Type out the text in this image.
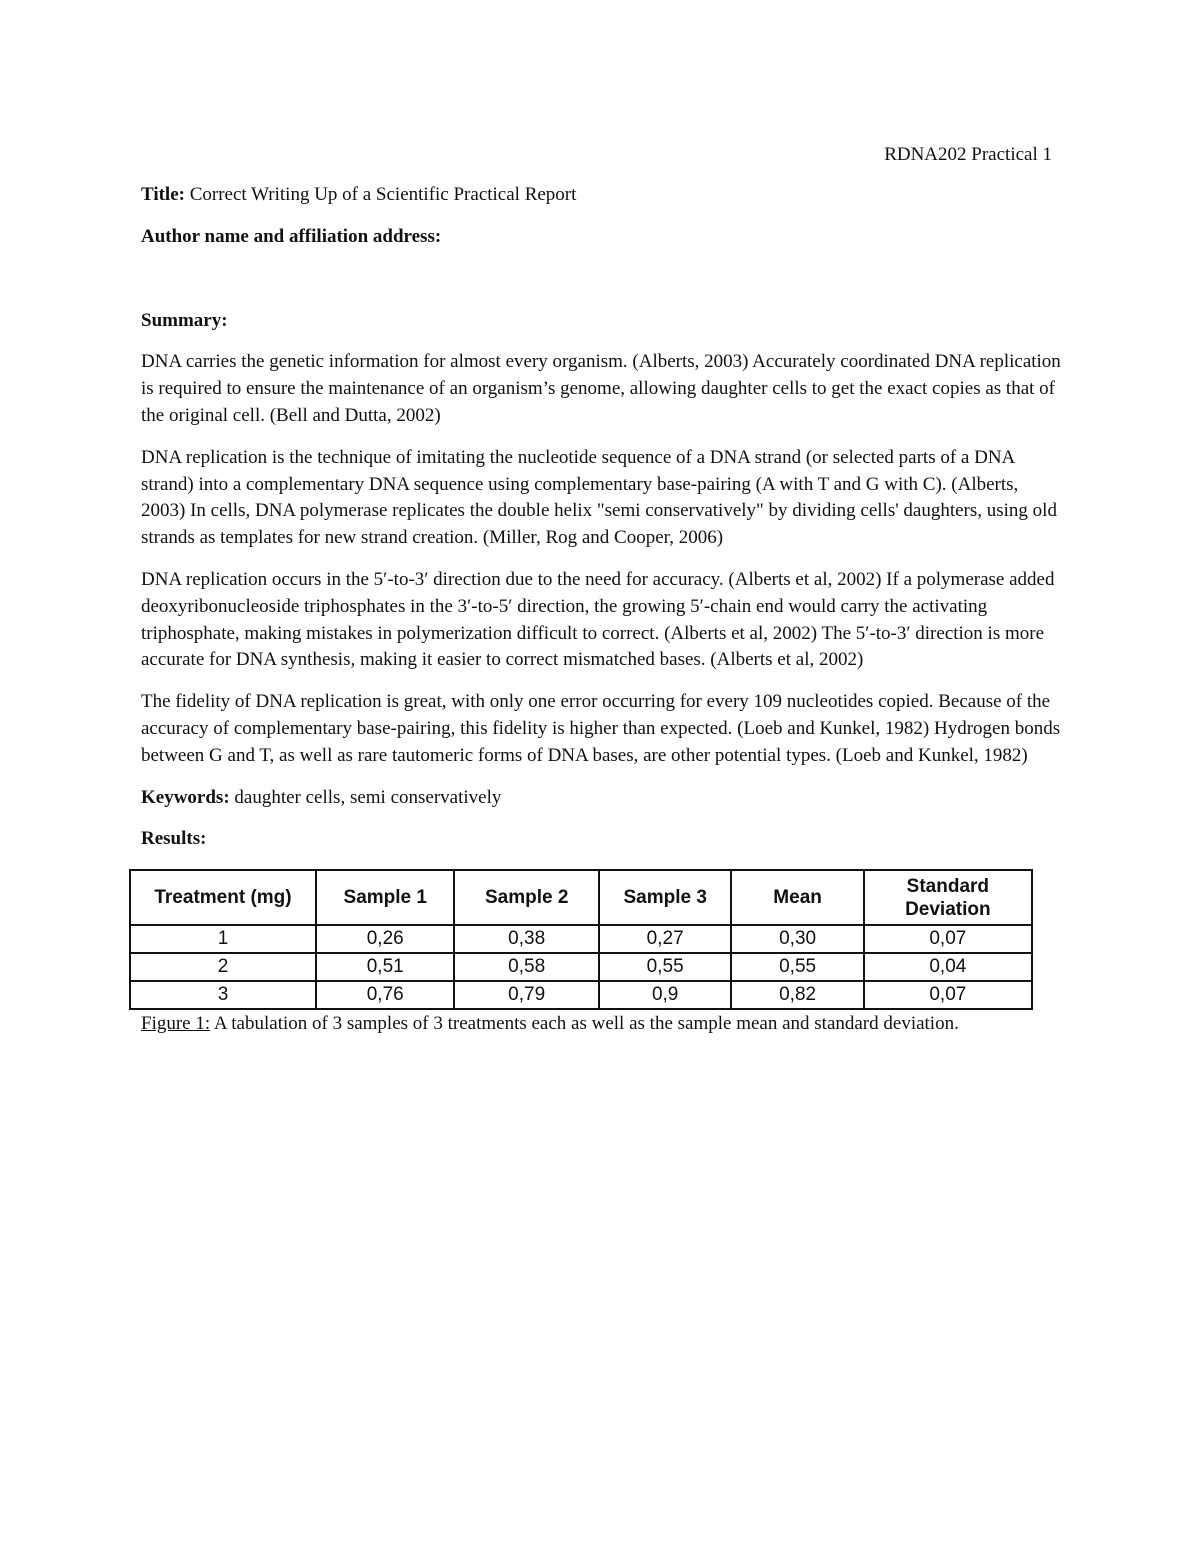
RDNA202 Practical 1

Title: Correct Writing Up of a Scientific Practical Report

Author name and affiliation address:

Summary:

DNA carries the genetic information for almost every organism. (Alberts, 2003) Accurately coordinated DNA replication is required to ensure the maintenance of an organism’s genome, allowing daughter cells to get the exact copies as that of the original cell. (Bell and Dutta, 2002)

DNA replication is the technique of imitating the nucleotide sequence of a DNA strand (or selected parts of a DNA strand) into a complementary DNA sequence using complementary base-pairing (A with T and G with C). (Alberts, 2003) In cells, DNA polymerase replicates the double helix "semi conservatively" by dividing cells' daughters, using old strands as templates for new strand creation. (Miller, Rog and Cooper, 2006)

DNA replication occurs in the 5′-to-3′ direction due to the need for accuracy. (Alberts et al, 2002) If a polymerase added deoxyribonucleoside triphosphates in the 3′-to-5′ direction, the growing 5′-chain end would carry the activating triphosphate, making mistakes in polymerization difficult to correct. (Alberts et al, 2002) The 5′-to-3′ direction is more accurate for DNA synthesis, making it easier to correct mismatched bases. (Alberts et al, 2002)

The fidelity of DNA replication is great, with only one error occurring for every 109 nucleotides copied. Because of the accuracy of complementary base-pairing, this fidelity is higher than expected. (Loeb and Kunkel, 1982) Hydrogen bonds between G and T, as well as rare tautomeric forms of DNA bases, are other potential types. (Loeb and Kunkel, 1982)

Keywords: daughter cells, semi conservatively

Results:

Treatment (mg)	Sample 1	Sample 2	Sample 3	Mean	Standard Deviation
1	0,26	0,38	0,27	0,30	0,07
2	0,51	0,58	0,55	0,55	0,04
3	0,76	0,79	0,9	0,82	0,07

Figure 1: A tabulation of 3 samples of 3 treatments each as well as the sample mean and standard deviation.
